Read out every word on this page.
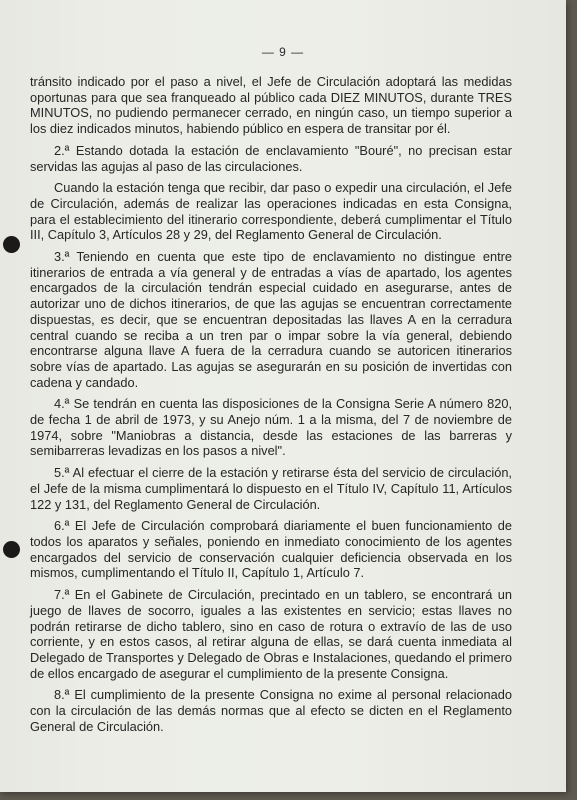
— 9 —

tránsito indicado por el paso a nivel, el Jefe de Circulación adoptará las medidas oportunas para que sea franqueado al público cada DIEZ MINUTOS, durante TRES MINUTOS, no pudiendo permanecer cerrado, en ningún caso, un tiempo superior a los diez indicados minutos, habiendo público en espera de transitar por él.

2.ª Estando dotada la estación de enclavamiento "Bouré", no precisan estar servidas las agujas al paso de las circulaciones.

Cuando la estación tenga que recibir, dar paso o expedir una circulación, el Jefe de Circulación, además de realizar las operaciones indicadas en esta Consigna, para el establecimiento del itinerario correspondiente, deberá cumplimentar el Título III, Capítulo 3, Artículos 28 y 29, del Reglamento General de Circulación.

3.ª Teniendo en cuenta que este tipo de enclavamiento no distingue entre itinerarios de entrada a vía general y de entradas a vías de apartado, los agentes encargados de la circulación tendrán especial cuidado en asegurarse, antes de autorizar uno de dichos itinerarios, de que las agujas se encuentran correctamente dispuestas, es decir, que se encuentran depositadas las llaves A en la cerradura central cuando se reciba a un tren par o impar sobre la vía general, debiendo encontrarse alguna llave A fuera de la cerradura cuando se autoricen itinerarios sobre vías de apartado. Las agujas se asegurarán en su posición de invertidas con cadena y candado.

4.ª Se tendrán en cuenta las disposiciones de la Consigna Serie A número 820, de fecha 1 de abril de 1973, y su Anejo núm. 1 a la misma, del 7 de noviembre de 1974, sobre "Maniobras a distancia, desde las estaciones de las barreras y semibarreras levadizas en los pasos a nivel".

5.ª Al efectuar el cierre de la estación y retirarse ésta del servicio de circulación, el Jefe de la misma cumplimentará lo dispuesto en el Título IV, Capítulo 11, Artículos 122 y 131, del Reglamento General de Circulación.

6.ª El Jefe de Circulación comprobará diariamente el buen funcionamiento de todos los aparatos y señales, poniendo en inmediato conocimiento de los agentes encargados del servicio de conservación cualquier deficiencia observada en los mismos, cumplimentando el Título II, Capítulo 1, Artículo 7.

7.ª En el Gabinete de Circulación, precintado en un tablero, se encontrará un juego de llaves de socorro, iguales a las existentes en servicio; estas llaves no podrán retirarse de dicho tablero, sino en caso de rotura o extravío de las de uso corriente, y en estos casos, al retirar alguna de ellas, se dará cuenta inmediata al Delegado de Transportes y Delegado de Obras e Instalaciones, quedando el primero de ellos encargado de asegurar el cumplimiento de la presente Consigna.

8.ª El cumplimiento de la presente Consigna no exime al personal relacionado con la circulación de las demás normas que al efecto se dicten en el Reglamento General de Circulación.
